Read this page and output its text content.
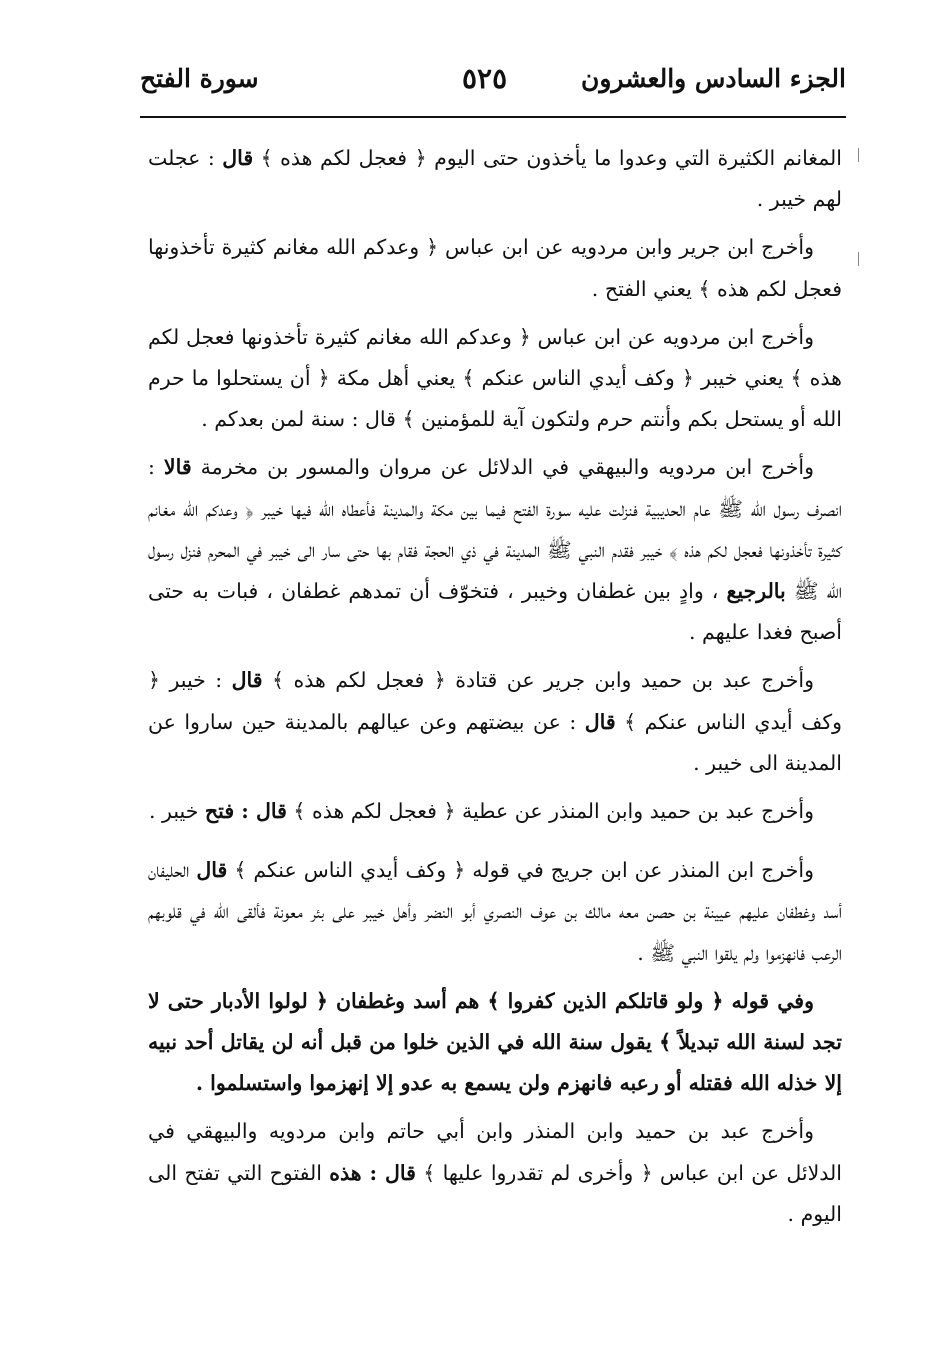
الجزء السادس والعشرون
٥٢٥
سورة الفتح

المغانم الكثيرة التي وعدوا ما يأخذون حتى اليوم ﴿ فعجل لكم هذه ﴾ قال : عجلت لهم خيبر .

وأخرج ابن جرير وابن مردويه عن ابن عباس ﴿ وعدكم الله مغانم كثيرة تأخذونها فعجل لكم هذه ﴾ يعني الفتح .

وأخرج ابن مردويه عن ابن عباس ﴿ وعدكم الله مغانم كثيرة تأخذونها فعجل لكم هذه ﴾ يعني خيبر ﴿ وكف أيدي الناس عنكم ﴾ يعني أهل مكة ﴿ أن يستحلوا ما حرم الله أو يستحل بكم وأنتم حرم ولتكون آية للمؤمنين ﴾ قال : سنة لمن بعدكم .

وأخرج ابن مردويه والبيهقي في الدلائل عن مروان والمسور بن مخرمة قالا : انصرف رسول الله ﷺ عام الحديبية فنزلت عليه سورة الفتح فيما بين مكة والمدينة فأعطاه الله فيها خيبر ﴿ وعدكم الله مغانم كثيرة تأخذونها فعجل لكم هذه ﴾ خيبر فقدم النبي ﷺ المدينة في ذي الحجة فقام بها حتى سار الى خيبر في المحرم فنزل رسول الله ﷺ بالرجيع ، وادٍ بين غطفان وخيبر ، فتخوّف أن تمدهم غطفان ، فبات به حتى أصبح فغدا عليهم .

وأخرج عبد بن حميد وابن جرير عن قتادة ﴿ فعجل لكم هذه ﴾ قال : خيبر ﴿ وكف أيدي الناس عنكم ﴾ قال : عن بيضتهم وعن عيالهم بالمدينة حين ساروا عن المدينة الى خيبر .

وأخرج عبد بن حميد وابن المنذر عن عطية ﴿ فعجل لكم هذه ﴾ قال : فتح خيبر .

وأخرج ابن المنذر عن ابن جريج في قوله ﴿ وكف أيدي الناس عنكم ﴾ قال الحليفان أسد وغطفان عليهم عيينة بن حصن معه مالك بن عوف النصري أبو النضر وأهل خيبر على بئر معونة فألقى الله في قلوبهم الرعب فانهزموا ولم يلقوا النبي ﷺ .

وفي قوله ﴿ ولو قاتلكم الذين كفروا ﴾ هم أسد وغطفان ﴿ لولوا الأدبار حتى لا تجد لسنة الله تبديلاً ﴾ يقول سنة الله في الذين خلوا من قبل أنه لن يقاتل أحد نبيه إلا خذله الله فقتله أو رعبه فانهزم ولن يسمع به عدو إلا إنهزموا واستسلموا .

وأخرج عبد بن حميد وابن المنذر وابن أبي حاتم وابن مردويه والبيهقي في الدلائل عن ابن عباس ﴿ وأخرى لم تقدروا عليها ﴾ قال : هذه الفتوح التي تفتح الى اليوم .
